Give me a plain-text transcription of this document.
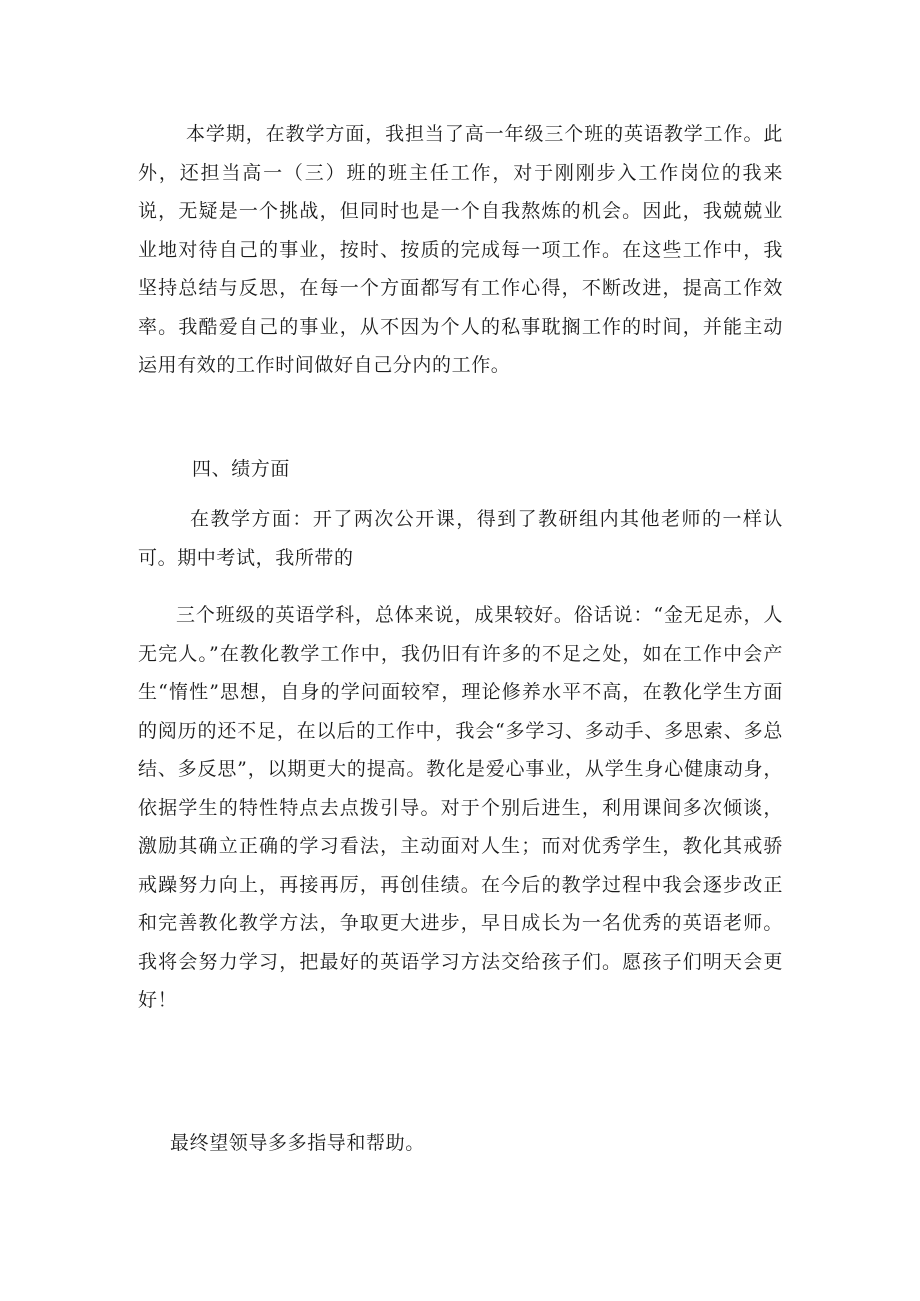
本学期，在教学方面，我担当了高一年级三个班的英语教学工作。此外，还担当高一（三）班的班主任工作，对于刚刚步入工作岗位的我来说，无疑是一个挑战，但同时也是一个自我熬炼的机会。因此，我兢兢业业地对待自己的事业，按时、按质的完成每一项工作。在这些工作中，我坚持总结与反思，在每一个方面都写有工作心得，不断改进，提高工作效率。我酷爱自己的事业，从不因为个人的私事耽搁工作的时间，并能主动运用有效的工作时间做好自己分内的工作。

四、绩方面

在教学方面：开了两次公开课，得到了教研组内其他老师的一样认可。期中考试，我所带的

三个班级的英语学科，总体来说，成果较好。俗话说：“金无足赤，人无完人。”在教化教学工作中，我仍旧有许多的不足之处，如在工作中会产生“惰性”思想，自身的学问面较窄，理论修养水平不高，在教化学生方面的阅历的还不足，在以后的工作中，我会“多学习、多动手、多思索、多总结、多反思”，以期更大的提高。教化是爱心事业，从学生身心健康动身，依据学生的特性特点去点拨引导。对于个别后进生，利用课间多次倾谈，激励其确立正确的学习看法，主动面对人生；而对优秀学生，教化其戒骄戒躁努力向上，再接再厉，再创佳绩。在今后的教学过程中我会逐步改正和完善教化教学方法，争取更大进步，早日成长为一名优秀的英语老师。我将会努力学习，把最好的英语学习方法交给孩子们。愿孩子们明天会更好！

最终望领导多多指导和帮助。
